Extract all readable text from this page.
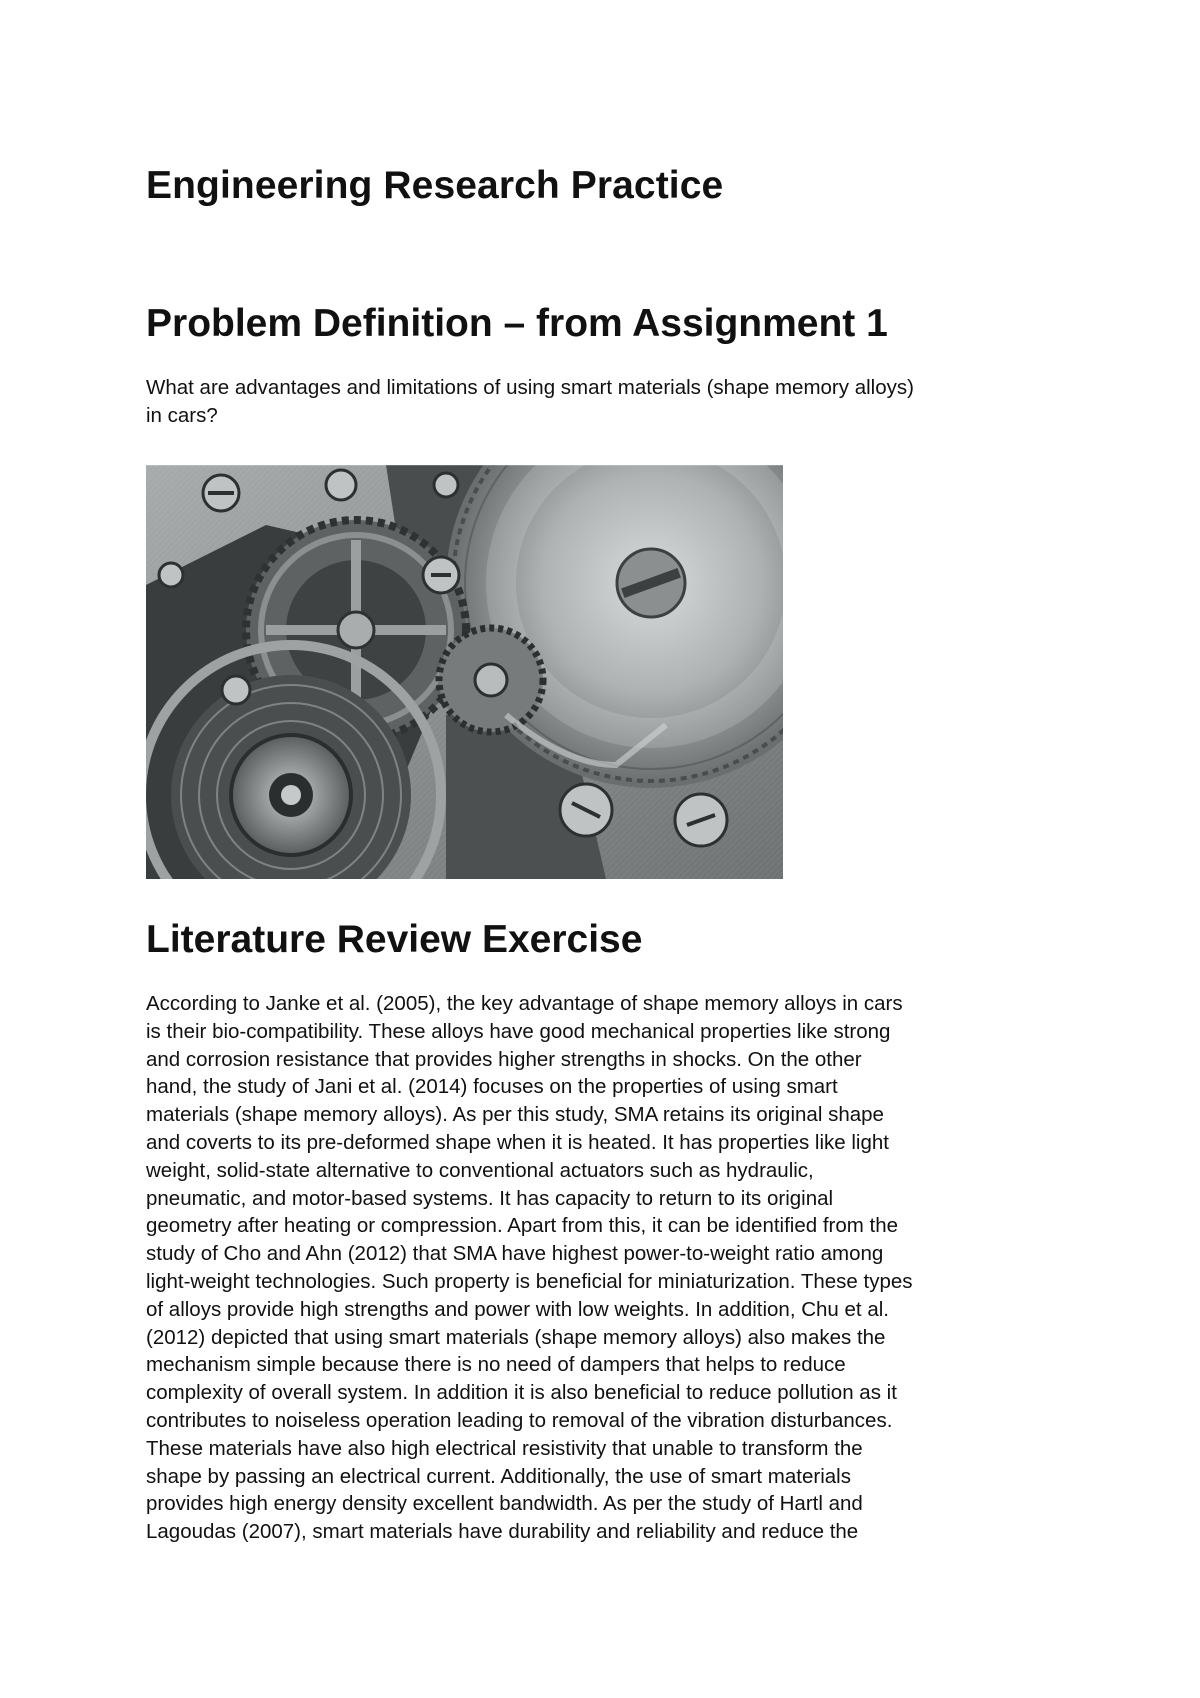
Engineering Research Practice
Problem Definition – from Assignment 1

What are advantages and limitations of using smart materials (shape memory alloys)
in cars?

Literature Review Exercise
According to Janke et al. (2005), the key advantage of shape memory alloys in cars
is their bio-compatibility. These alloys have good mechanical properties like strong
and corrosion resistance that provides higher strengths in shocks. On the other
hand, the study of Jani et al. (2014) focuses on the properties of using smart
materials (shape memory alloys). As per this study, SMA retains its original shape
and coverts to its pre-deformed shape when it is heated. It has properties like light
weight, solid-state alternative to conventional actuators such as hydraulic,
pneumatic, and motor-based systems. It has capacity to return to its original
geometry after heating or compression. Apart from this, it can be identified from the
study of Cho and Ahn (2012) that SMA have highest power-to-weight ratio among
light-weight technologies. Such property is beneficial for miniaturization. These types
of alloys provide high strengths and power with low weights. In addition, Chu et al.
(2012) depicted that using smart materials (shape memory alloys) also makes the
mechanism simple because there is no need of dampers that helps to reduce
complexity of overall system. In addition it is also beneficial to reduce pollution as it
contributes to noiseless operation leading to removal of the vibration disturbances.
These materials have also high electrical resistivity that unable to transform the
shape by passing an electrical current. Additionally, the use of smart materials
provides high energy density excellent bandwidth. As per the study of Hartl and
Lagoudas (2007), smart materials have durability and reliability and reduce the
